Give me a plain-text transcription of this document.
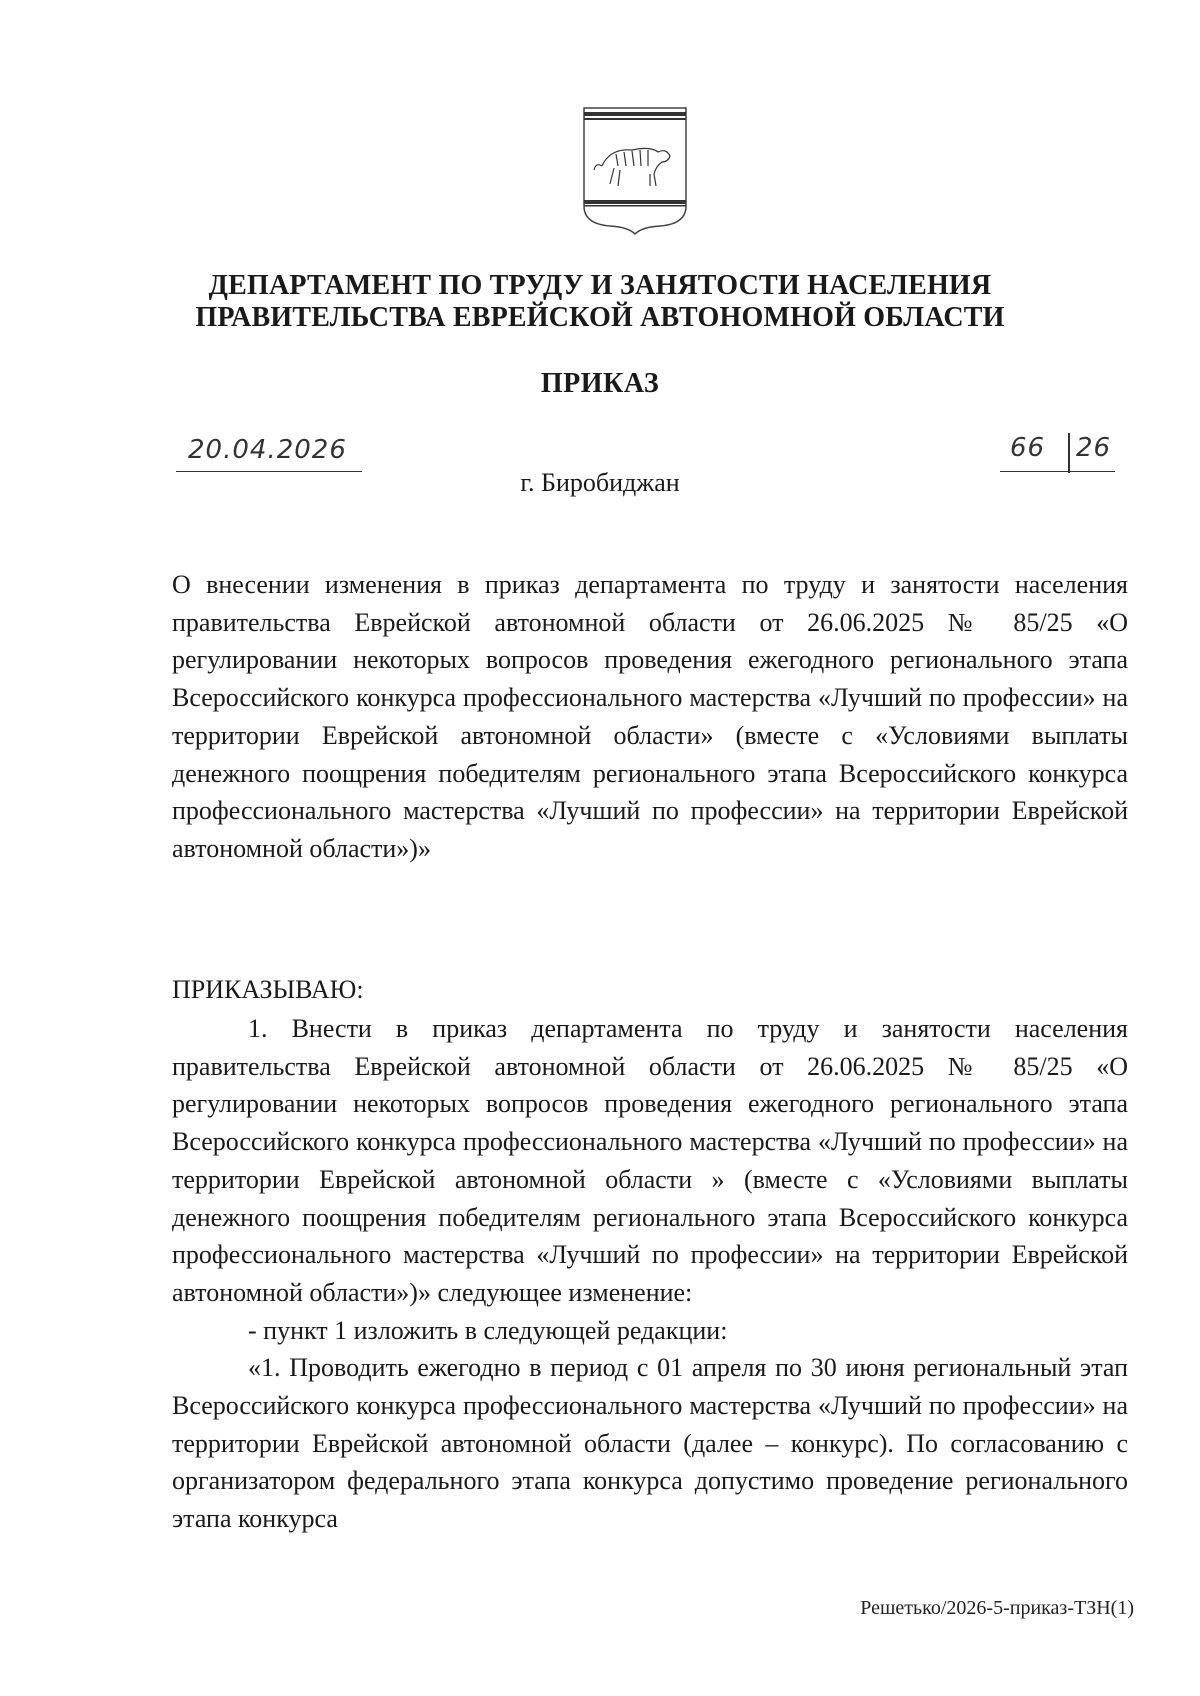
ДЕПАРТАМЕНТ ПО ТРУДУ И ЗАНЯТОСТИ НАСЕЛЕНИЯ
ПРАВИТЕЛЬСТВА ЕВРЕЙСКОЙ АВТОНОМНОЙ ОБЛАСТИ
ПРИКАЗ
20.04.2026	66 26
г. Биробиджан
О внесении изменения в приказ департамента по труду и занятости населения правительства Еврейской автономной области от 26.06.2025 № 85/25 «О регулировании некоторых вопросов проведения ежегодного регионального этапа Всероссийского конкурса профессионального мастерства «Лучший по профессии» на территории Еврейской автономной области» (вместе с «Условиями выплаты денежного поощрения победителям регионального этапа Всероссийского конкурса профессионального мастерства «Лучший по профессии» на территории Еврейской автономной области»)»
ПРИКАЗЫВАЮ:

1. Внести в приказ департамента по труду и занятости населения правительства Еврейской автономной области от 26.06.2025 № 85/25 «О регулировании некоторых вопросов проведения ежегодного регионального этапа Всероссийского конкурса профессионального мастерства «Лучший по профессии» на территории Еврейской автономной области » (вместе с «Условиями выплаты денежного поощрения победителям регионального этапа Всероссийского конкурса профессионального мастерства «Лучший по профессии» на территории Еврейской автономной области»)» следующее изменение:

- пункт 1 изложить в следующей редакции:

«1. Проводить ежегодно в период с 01 апреля по 30 июня региональный этап Всероссийского конкурса профессионального мастерства «Лучший по профессии» на территории Еврейской автономной области (далее – конкурс). По согласованию с организатором федерального этапа конкурса допустимо проведение регионального этапа конкурса

Решетько/2026-5-приказ-ТЗН(1)
